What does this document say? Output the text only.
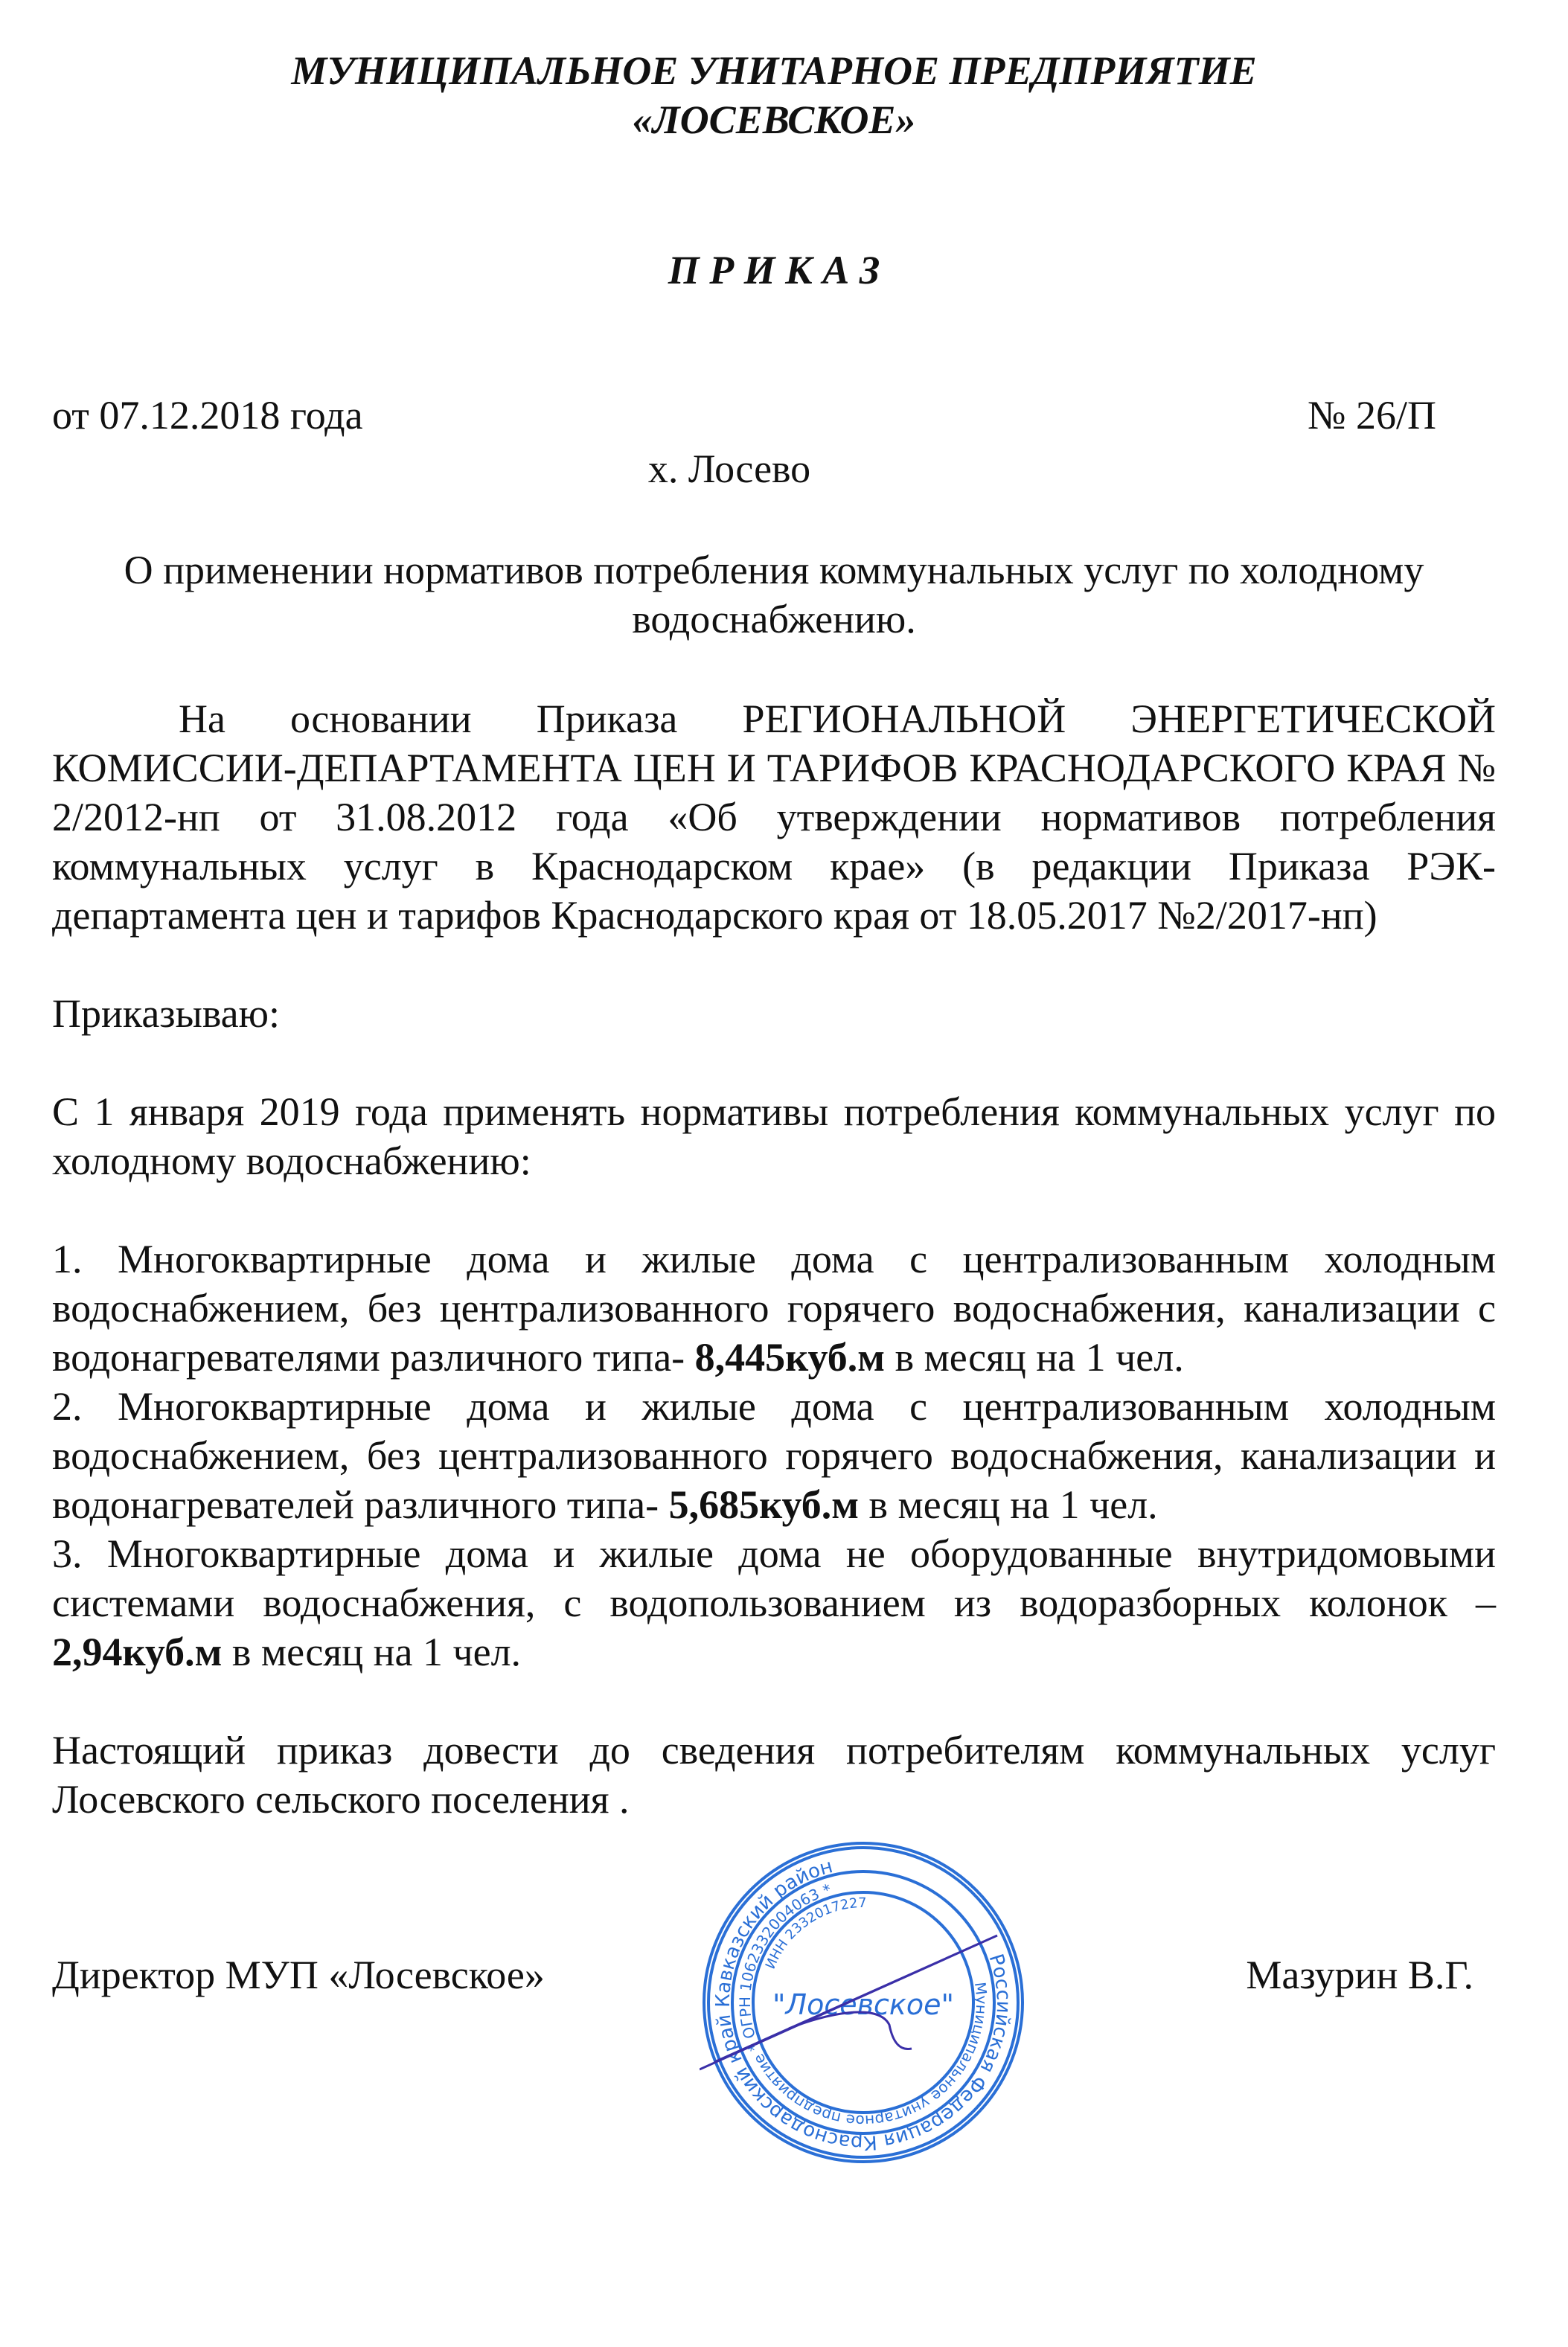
МУНИЦИПАЛЬНОЕ УНИТАРНОЕ ПРЕДПРИЯТИЕ
«ЛОСЕВСКОЕ»
П Р И К А З
от 07.12.2018 года	№ 26/П
х. Лосево
О применении нормативов потребления коммунальных услуг по холодному водоснабжению.
На основании Приказа РЕГИОНАЛЬНОЙ ЭНЕРГЕТИЧЕСКОЙ КОМИССИИ-ДЕПАРТАМЕНТА ЦЕН И ТАРИФОВ КРАСНОДАРСКОГО КРАЯ № 2/2012-нп от 31.08.2012 года «Об утверждении нормативов потребления коммунальных услуг в Краснодарском крае» (в редакции Приказа РЭК- департамента цен и тарифов Краснодарского края от 18.05.2017 №2/2017-нп)
Приказываю:
С 1 января 2019 года применять нормативы потребления коммунальных услуг по холодному водоснабжению:
1. Многоквартирные дома и жилые дома с централизованным холодным водоснабжением, без централизованного горячего водоснабжения, канализации с водонагревателями различного типа- 8,445куб.м в месяц на 1 чел.
2. Многоквартирные дома и жилые дома с централизованным холодным водоснабжением, без централизованного горячего водоснабжения, канализации и водонагревателей различного типа- 5,685куб.м в месяц на 1 чел.
3. Многоквартирные дома и жилые дома не оборудованные внутридомовыми системами водоснабжения, с водопользованием из водоразборных колонок – 2,94куб.м в месяц на 1 чел.
Настоящий приказ довести до сведения потребителям коммунальных услуг Лосевского сельского поселения .
Директор МУП «Лосевское»	Мазурин В.Г.
Российская Федерация Краснодарский край Кавказский район
Муниципальное унитарное предприятие * ОГРН 1062332004063 *
ИНН 2332017227
"Лосевское"
